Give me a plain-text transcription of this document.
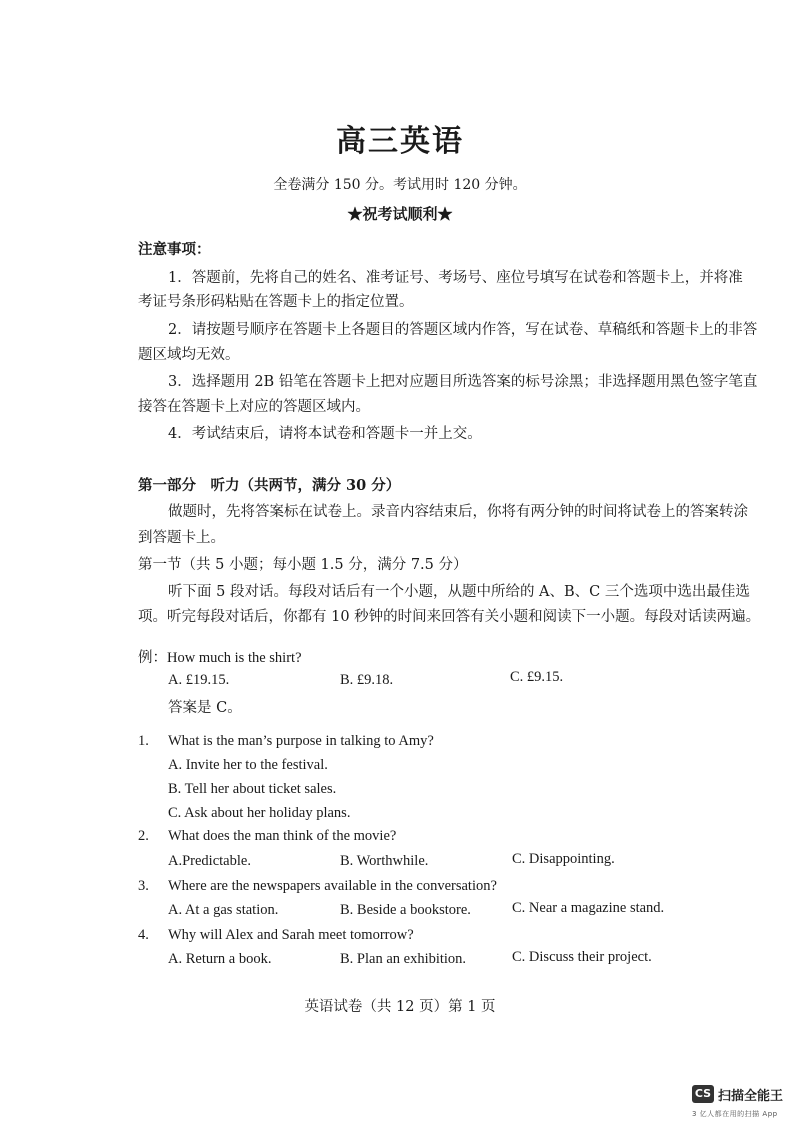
高三英语
全卷满分 150 分。考试用时 120 分钟。
★祝考试顺利★
注意事项：
1．答题前，先将自己的姓名、准考证号、考场号、座位号填写在试卷和答题卡上，并将准
考证号条形码粘贴在答题卡上的指定位置。
2．请按题号顺序在答题卡上各题目的答题区域内作答，写在试卷、草稿纸和答题卡上的非答
题区域均无效。
3．选择题用 2B 铅笔在答题卡上把对应题目所选答案的标号涂黑；非选择题用黑色签字笔直
接答在答题卡上对应的答题区域内。
4．考试结束后，请将本试卷和答题卡一并上交。
第一部分　听力（共两节，满分 30 分）
做题时，先将答案标在试卷上。录音内容结束后，你将有两分钟的时间将试卷上的答案转涂
到答题卡上。
第一节（共 5 小题；每小题 1.5 分，满分 7.5 分）
听下面 5 段对话。每段对话后有一个小题，从题中所给的 A、B、C 三个选项中选出最佳选
项。听完每段对话后，你都有 10 秒钟的时间来回答有关小题和阅读下一小题。每段对话读两遍。
例：How much is the shirt?
A. £19.15.	B. £9.18.	C. £9.15.
答案是 C。
1. What is the man’s purpose in talking to Amy?
A. Invite her to the festival.
B. Tell her about ticket sales.
C. Ask about her holiday plans.
2. What does the man think of the movie?
A.Predictable.	B. Worthwhile.	C. Disappointing.
3. Where are the newspapers available in the conversation?
A. At a gas station.	B. Beside a bookstore.	C. Near a magazine stand.
4. Why will Alex and Sarah meet tomorrow?
A. Return a book.	B. Plan an exhibition.	C. Discuss their project.
英语试卷（共 12 页）第 1 页
CS 扫描全能王
3 亿人都在用的扫描 App
